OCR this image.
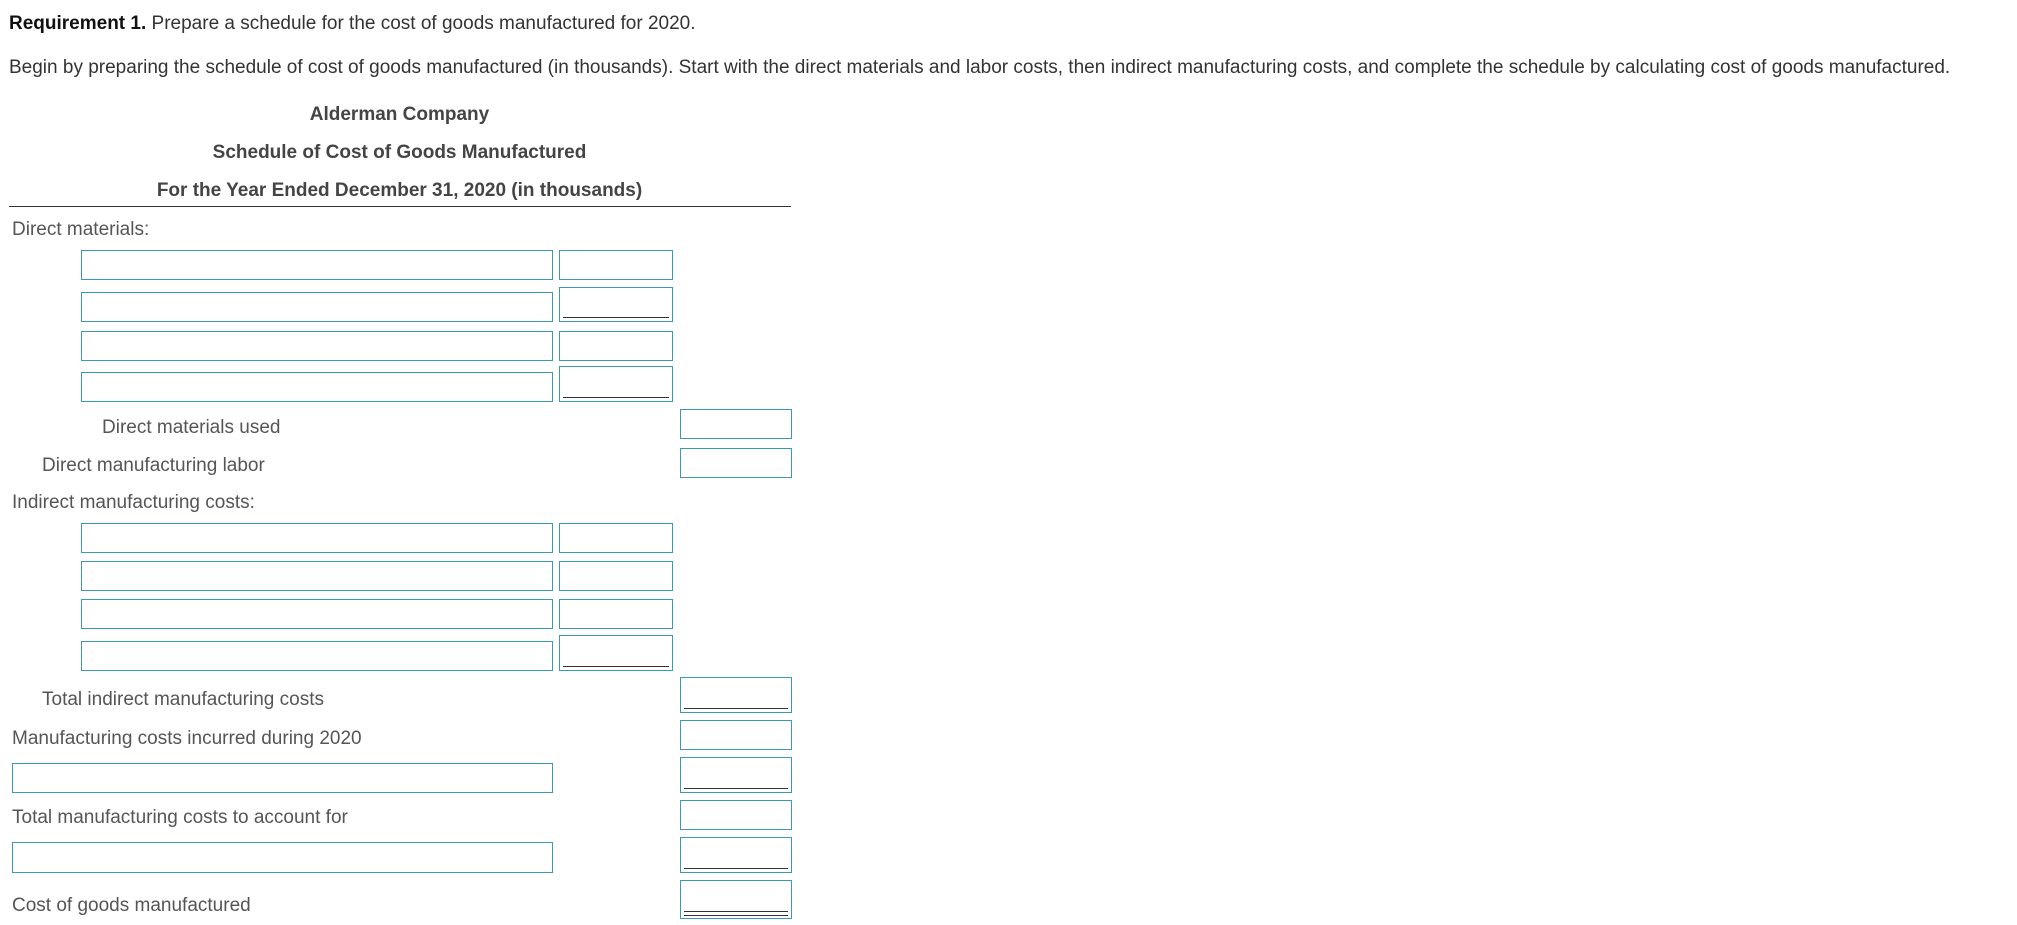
Requirement 1. Prepare a schedule for the cost of goods manufactured for 2020.
Begin by preparing the schedule of cost of goods manufactured (in thousands). Start with the direct materials and labor costs, then indirect manufacturing costs, and complete the schedule by calculating cost of goods manufactured.
Alderman Company
Schedule of Cost of Goods Manufactured
For the Year Ended December 31, 2020 (in thousands)
Direct materials:
Direct materials used
Direct manufacturing labor
Indirect manufacturing costs:
Total indirect manufacturing costs
Manufacturing costs incurred during 2020
Total manufacturing costs to account for
Cost of goods manufactured
